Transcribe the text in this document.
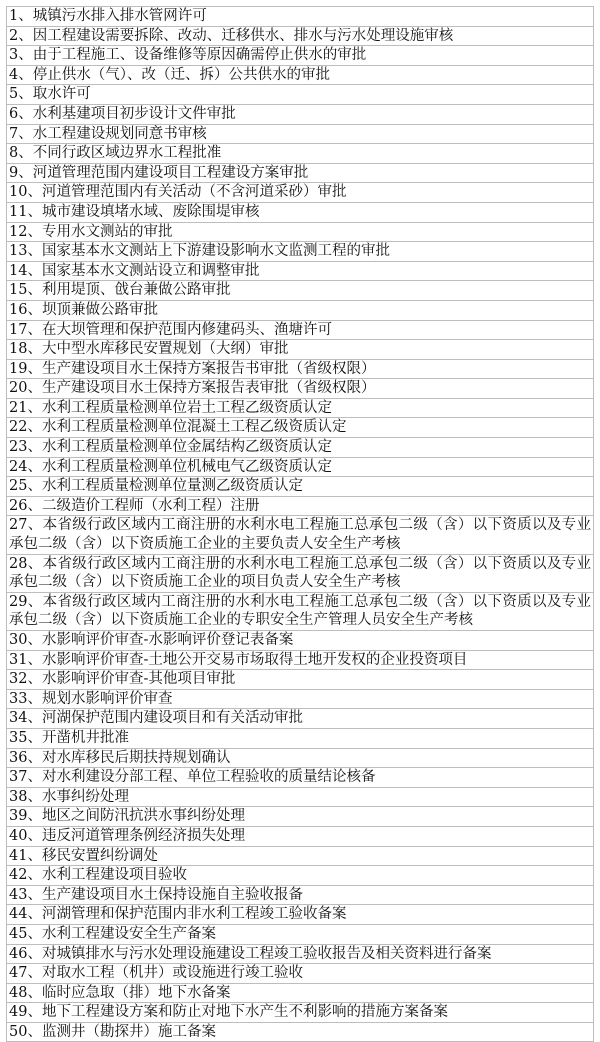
1、城镇污水排入排水管网许可
2、因工程建设需要拆除、改动、迁移供水、排水与污水处理设施审核
3、由于工程施工、设备维修等原因确需停止供水的审批
4、停止供水（气）、改（迁、拆）公共供水的审批
5、取水许可
6、水利基建项目初步设计文件审批
7、水工程建设规划同意书审核
8、不同行政区域边界水工程批准
9、河道管理范围内建设项目工程建设方案审批
10、河道管理范围内有关活动（不含河道采砂）审批
11、城市建设填堵水域、废除围堤审核
12、专用水文测站的审批
13、国家基本水文测站上下游建设影响水文监测工程的审批
14、国家基本水文测站设立和调整审批
15、利用堤顶、戗台兼做公路审批
16、坝顶兼做公路审批
17、在大坝管理和保护范围内修建码头、渔塘许可
18、大中型水库移民安置规划（大纲）审批
19、生产建设项目水土保持方案报告书审批（省级权限）
20、生产建设项目水土保持方案报告表审批（省级权限）
21、水利工程质量检测单位岩土工程乙级资质认定
22、水利工程质量检测单位混凝土工程乙级资质认定
23、水利工程质量检测单位金属结构乙级资质认定
24、水利工程质量检测单位机械电气乙级资质认定
25、水利工程质量检测单位量测乙级资质认定
26、二级造价工程师（水利工程）注册
27、本省级行政区域内工商注册的水利水电工程施工总承包二级（含）以下资质以及专业承包二级（含）以下资质施工企业的主要负责人安全生产考核
28、本省级行政区域内工商注册的水利水电工程施工总承包二级（含）以下资质以及专业承包二级（含）以下资质施工企业的项目负责人安全生产考核
29、本省级行政区域内工商注册的水利水电工程施工总承包二级（含）以下资质以及专业承包二级（含）以下资质施工企业的专职安全生产管理人员安全生产考核
30、水影响评价审查-水影响评价登记表备案
31、水影响评价审查-土地公开交易市场取得土地开发权的企业投资项目
32、水影响评价审查-其他项目审批
33、规划水影响评价审查
34、河湖保护范围内建设项目和有关活动审批
35、开凿机井批准
36、对水库移民后期扶持规划确认
37、对水利建设分部工程、单位工程验收的质量结论核备
38、水事纠纷处理
39、地区之间防汛抗洪水事纠纷处理
40、违反河道管理条例经济损失处理
41、移民安置纠纷调处
42、水利工程建设项目验收
43、生产建设项目水土保持设施自主验收报备
44、河湖管理和保护范围内非水利工程竣工验收备案
45、水利工程建设安全生产备案
46、对城镇排水与污水处理设施建设工程竣工验收报告及相关资料进行备案
47、对取水工程（机井）或设施进行竣工验收
48、临时应急取（排）地下水备案
49、地下工程建设方案和防止对地下水产生不利影响的措施方案备案
50、监测井（勘探井）施工备案
